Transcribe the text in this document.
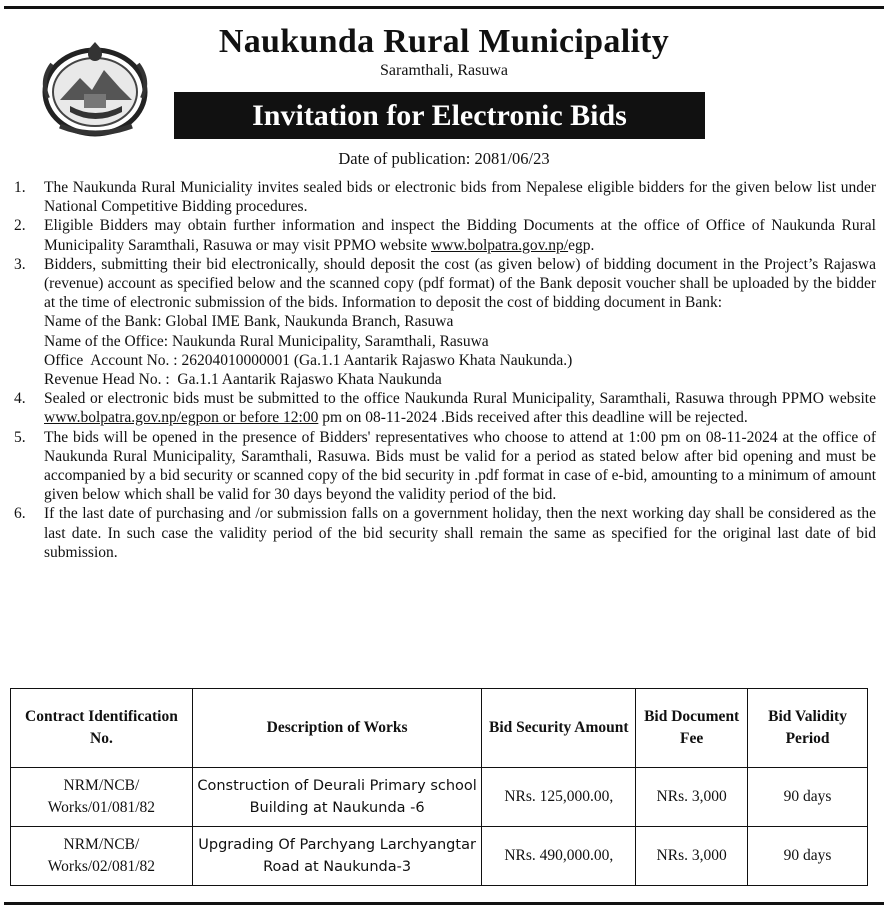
Naukunda Rural Municipality
Saramthali, Rasuwa
Invitation for Electronic Bids
Date of publication: 2081/06/23
1.	The Naukunda Rural Municiality invites sealed bids or electronic bids from Nepalese eligible bidders for the given below list under National Competitive Bidding procedures.
2.	Eligible Bidders may obtain further information and inspect the Bidding Documents at the office of Office of Naukunda Rural Municipality Saramthali, Rasuwa or may visit PPMO website www.bolpatra.gov.np/egp.
3.	Bidders, submitting their bid electronically, should deposit the cost (as given below) of bidding document in the Project’s Rajaswa (revenue) account as specified below and the scanned copy (pdf format) of the Bank deposit voucher shall be uploaded by the bidder at the time of electronic submission of the bids. Information to deposit the cost of bidding document in Bank:
Name of the Bank: Global IME Bank, Naukunda Branch, Rasuwa
Name of the Office: Naukunda Rural Municipality, Saramthali, Rasuwa
Office  Account No. : 26204010000001 (Ga.1.1 Aantarik Rajaswo Khata Naukunda.)
Revenue Head No. :  Ga.1.1 Aantarik Rajaswo Khata Naukunda
4.	Sealed or electronic bids must be submitted to the office Naukunda Rural Municipality, Saramthali, Rasuwa through PPMO website www.bolpatra.gov.np/egpon or before 12:00 pm on 08-11-2024 .Bids received after this deadline will be rejected.
5.	The bids will be opened in the presence of Bidders' representatives who choose to attend at 1:00 pm on 08-11-2024 at the office of Naukunda Rural Municipality, Saramthali, Rasuwa. Bids must be valid for a period as stated below after bid opening and must be accompanied by a bid security or scanned copy of the bid security in .pdf format in case of e-bid, amounting to a minimum of amount given below which shall be valid for 30 days beyond the validity period of the bid.
6.	If the last date of purchasing and /or submission falls on a government holiday, then the next working day shall be considered as the last date. In such case the validity period of the bid security shall remain the same as specified for the original last date of bid submission.
Contract Identification No.	Description of Works	Bid Security Amount	Bid Document Fee	Bid Validity Period
NRM/NCB/ Works/01/081/82	Construction of Deurali Primary school Building at Naukunda -6	NRs. 125,000.00,	NRs. 3,000	90 days
NRM/NCB/ Works/02/081/82	Upgrading Of Parchyang Larchyangtar Road at Naukunda-3	NRs. 490,000.00,	NRs. 3,000	90 days
